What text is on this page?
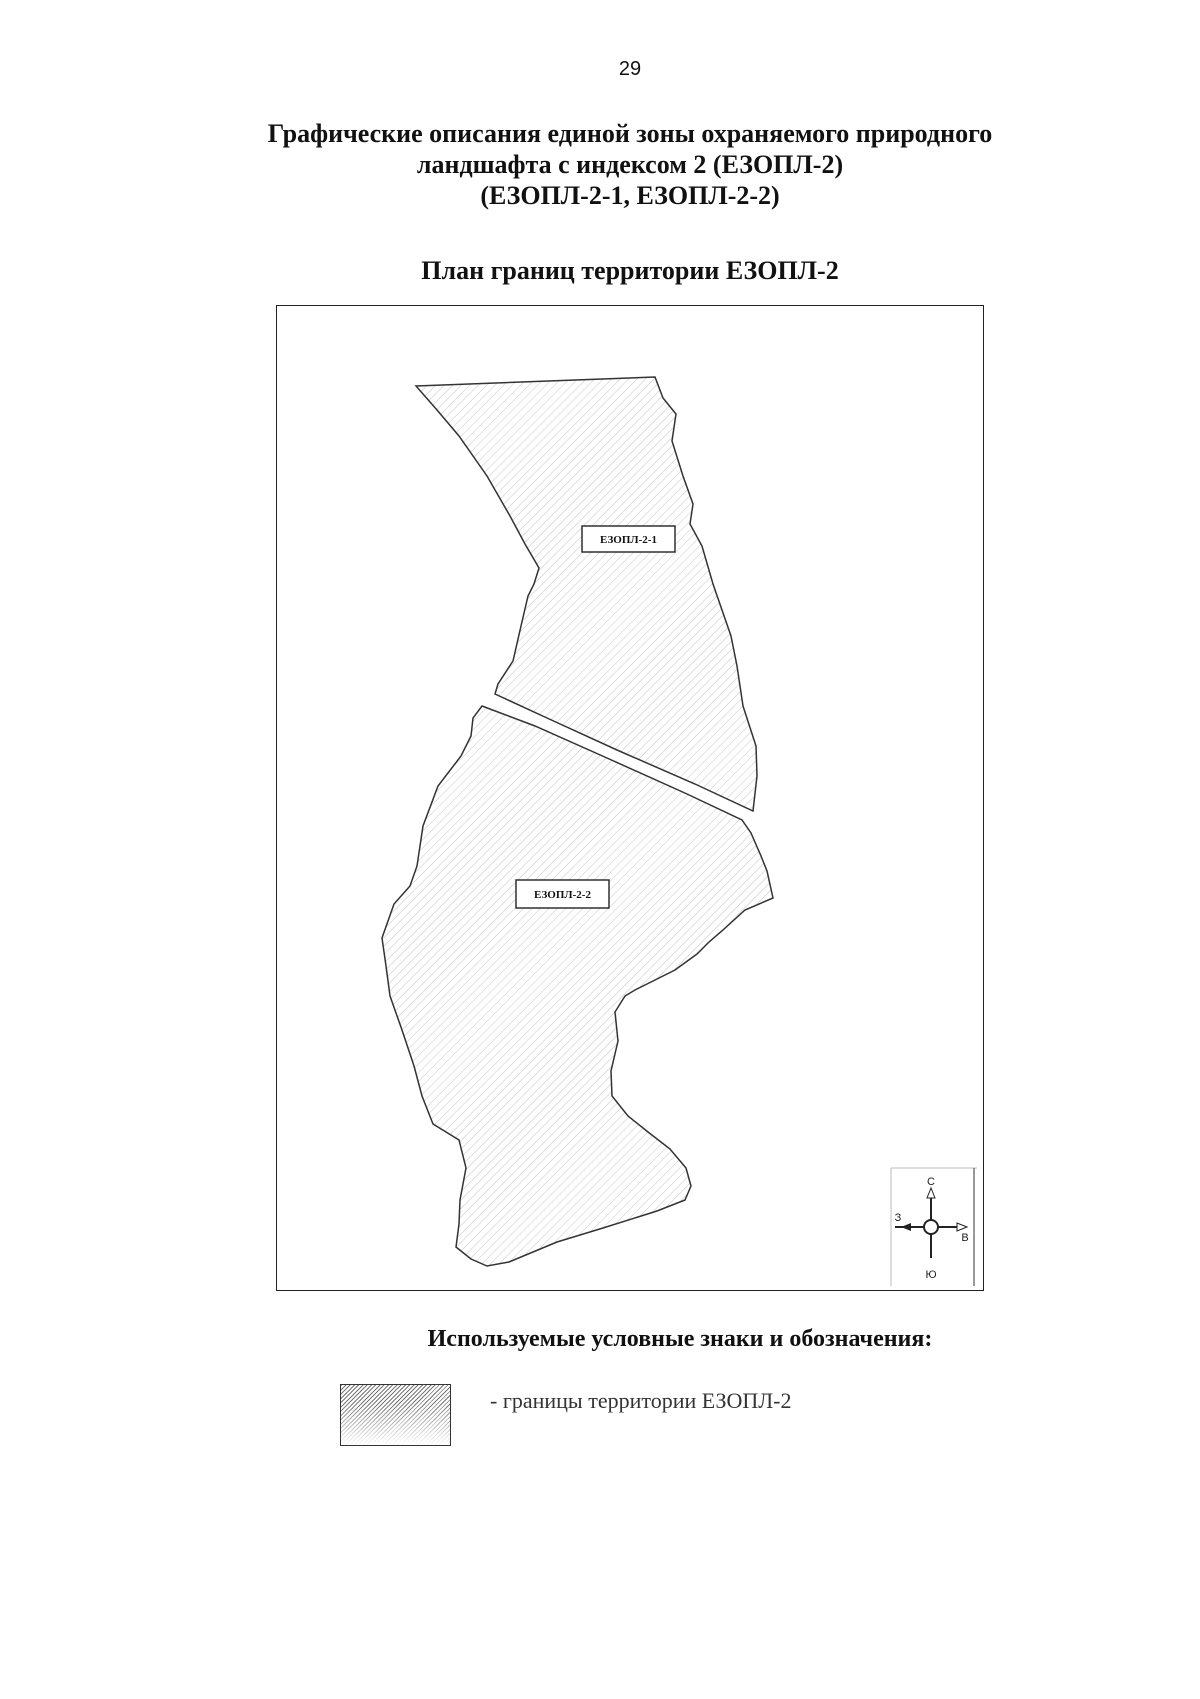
29
Графические описания единой зоны охраняемого природного
ландшафта с индексом 2 (ЕЗОПЛ-2)
(ЕЗОПЛ-2-1, ЕЗОПЛ-2-2)
План границ территории ЕЗОПЛ-2
ЕЗОПЛ-2-1
ЕЗОПЛ-2-2
С
Ю
В
З
Используемые условные знаки и обозначения:
- границы территории ЕЗОПЛ-2
